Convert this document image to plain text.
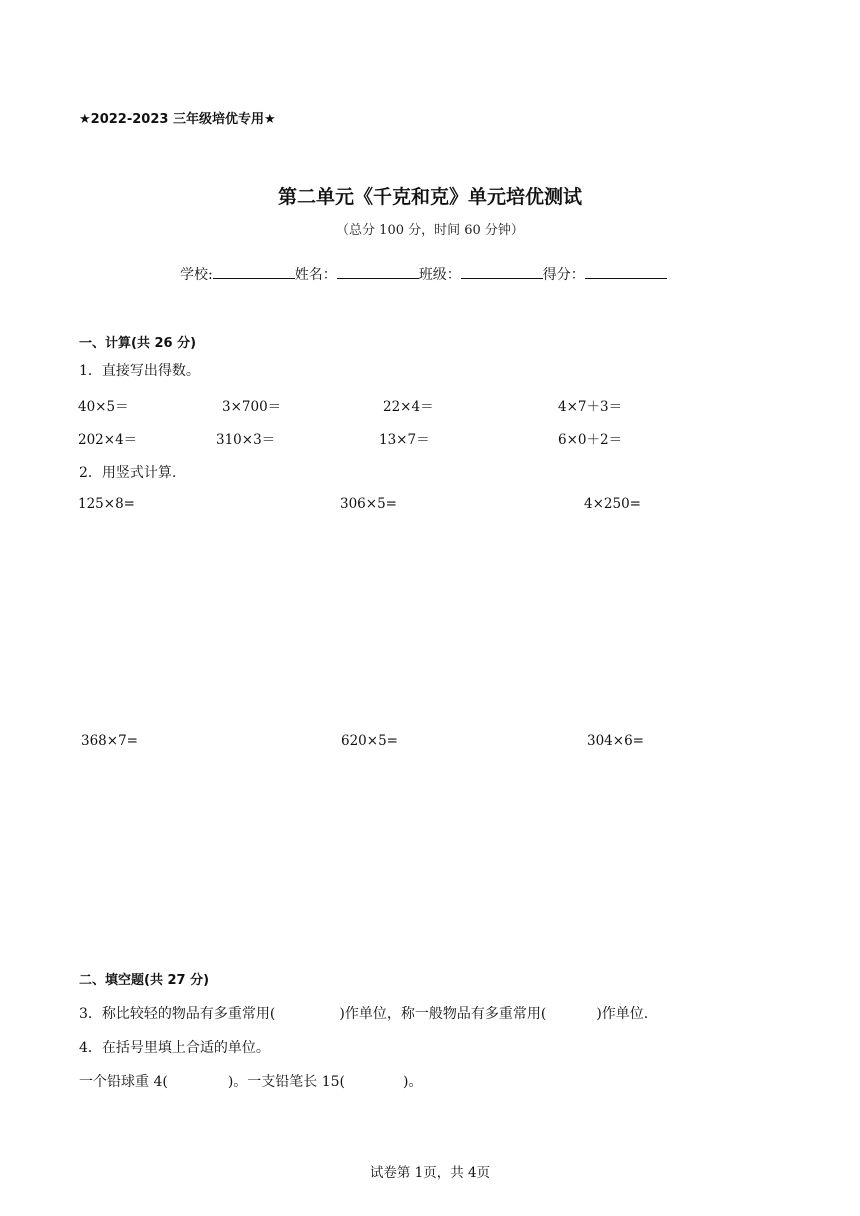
★2022-2023 三年级培优专用★
第二单元《千克和克》单元培优测试
（总分 100 分，时间 60 分钟）
学校:	姓名：	班级：	得分：
一、计算(共 26 分)
1．直接写出得数。
40×5＝	3×700＝	22×4＝	4×7＋3＝
202×4＝	310×3＝	13×7＝	6×0＋2＝
2．用竖式计算.
125×8=	306×5=	4×250=
368×7=	620×5=	304×6=
二、填空题(共 27 分)
3．称比较轻的物品有多重常用(	)作单位，称一般物品有多重常用(	)作单位.
4．在括号里填上合适的单位。
一个铅球重 4(	)。一支铅笔长 15(	)。
试卷第 1页，共 4页
